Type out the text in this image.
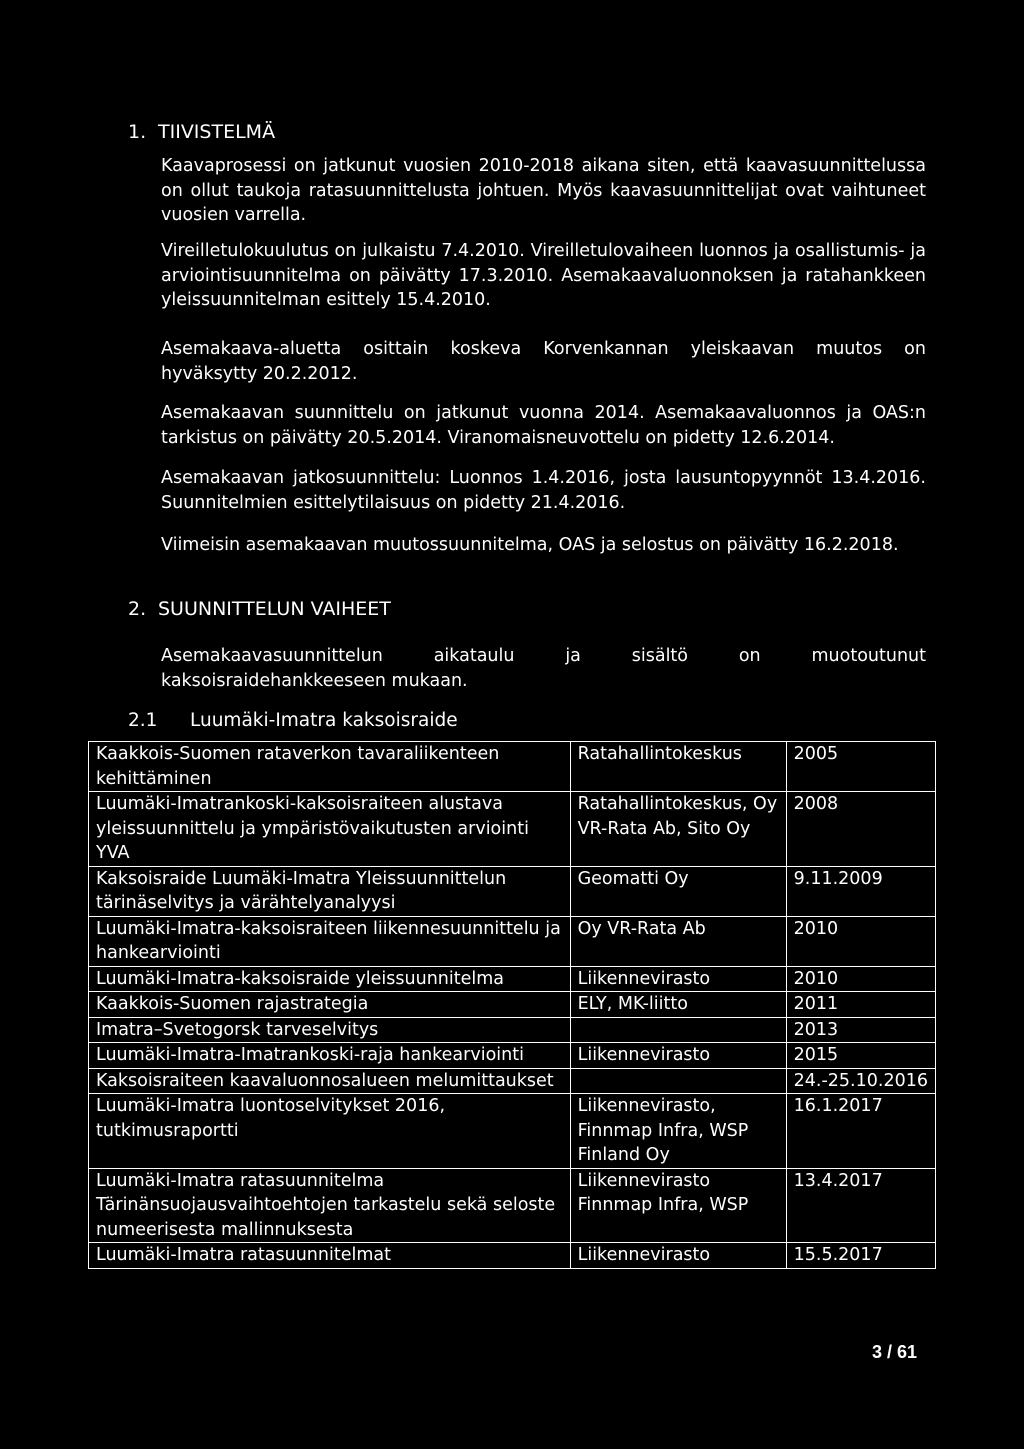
1. TIIVISTELMÄ
Kaavaprosessi on jatkunut vuosien 2010-2018 aikana siten, että kaavasuunnittelussa on ollut taukoja ratasuunnittelusta johtuen. Myös kaavasuunnittelijat ovat vaihtuneet vuosien varrella.
Vireilletulokuulutus on julkaistu 7.4.2010. Vireilletulovaiheen luonnos ja osallistumis- ja arviointisuunnitelma on päivätty 17.3.2010. Asemakaavaluonnoksen ja ratahankkeen yleissuunnitelman esittely 15.4.2010.
Asemakaava-aluetta osittain koskeva Korvenkannan yleiskaavan muutos on hyväksytty 20.2.2012.
Asemakaavan suunnittelu on jatkunut vuonna 2014. Asemakaavaluonnos ja OAS:n tarkistus on päivätty 20.5.2014. Viranomaisneuvottelu on pidetty 12.6.2014.
Asemakaavan jatkosuunnittelu: Luonnos 1.4.2016, josta lausuntopyynnöt 13.4.2016. Suunnitelmien esittelytilaisuus on pidetty 21.4.2016.
Viimeisin asemakaavan muutossuunnitelma, OAS ja selostus on päivätty 16.2.2018.
2. SUUNNITTELUN VAIHEET
Asemakaavasuunnittelun aikataulu ja sisältö on muotoutunut kaksoisraidehankkeeseen mukaan.
2.1 Luumäki-Imatra kaksoisraide
Kaakkois-Suomen rataverkon tavaraliikenteen kehittäminen	Ratahallintokeskus	2005
Luumäki-Imatrankoski-kaksoisraiteen alustava yleissuunnittelu ja ympäristövaikutusten arviointi YVA	Ratahallintokeskus, Oy VR-Rata Ab, Sito Oy	2008
Kaksoisraide Luumäki-Imatra Yleissuunnittelun tärinäselvitys ja värähtelyanalyysi	Geomatti Oy	9.11.2009
Luumäki-Imatra-kaksoisraiteen liikennesuunnittelu ja hankearviointi	Oy VR-Rata Ab	2010
Luumäki-Imatra-kaksoisraide yleissuunnitelma	Liikennevirasto	2010
Kaakkois-Suomen rajastrategia	ELY, MK-liitto	2011
Imatra–Svetogorsk tarveselvitys		2013
Luumäki-Imatra-Imatrankoski-raja hankearviointi	Liikennevirasto	2015
Kaksoisraiteen kaavaluonnosalueen melumittaukset		24.-25.10.2016
Luumäki-Imatra luontoselvitykset 2016, tutkimusraportti	Liikennevirasto, Finnmap Infra, WSP Finland Oy	16.1.2017
Luumäki-Imatra ratasuunnitelma Tärinänsuojausvaihtoehtojen tarkastelu sekä seloste numeerisesta mallinnuksesta	Liikennevirasto Finnmap Infra, WSP	13.4.2017
Luumäki-Imatra ratasuunnitelmat	Liikennevirasto	15.5.2017
3 / 61
